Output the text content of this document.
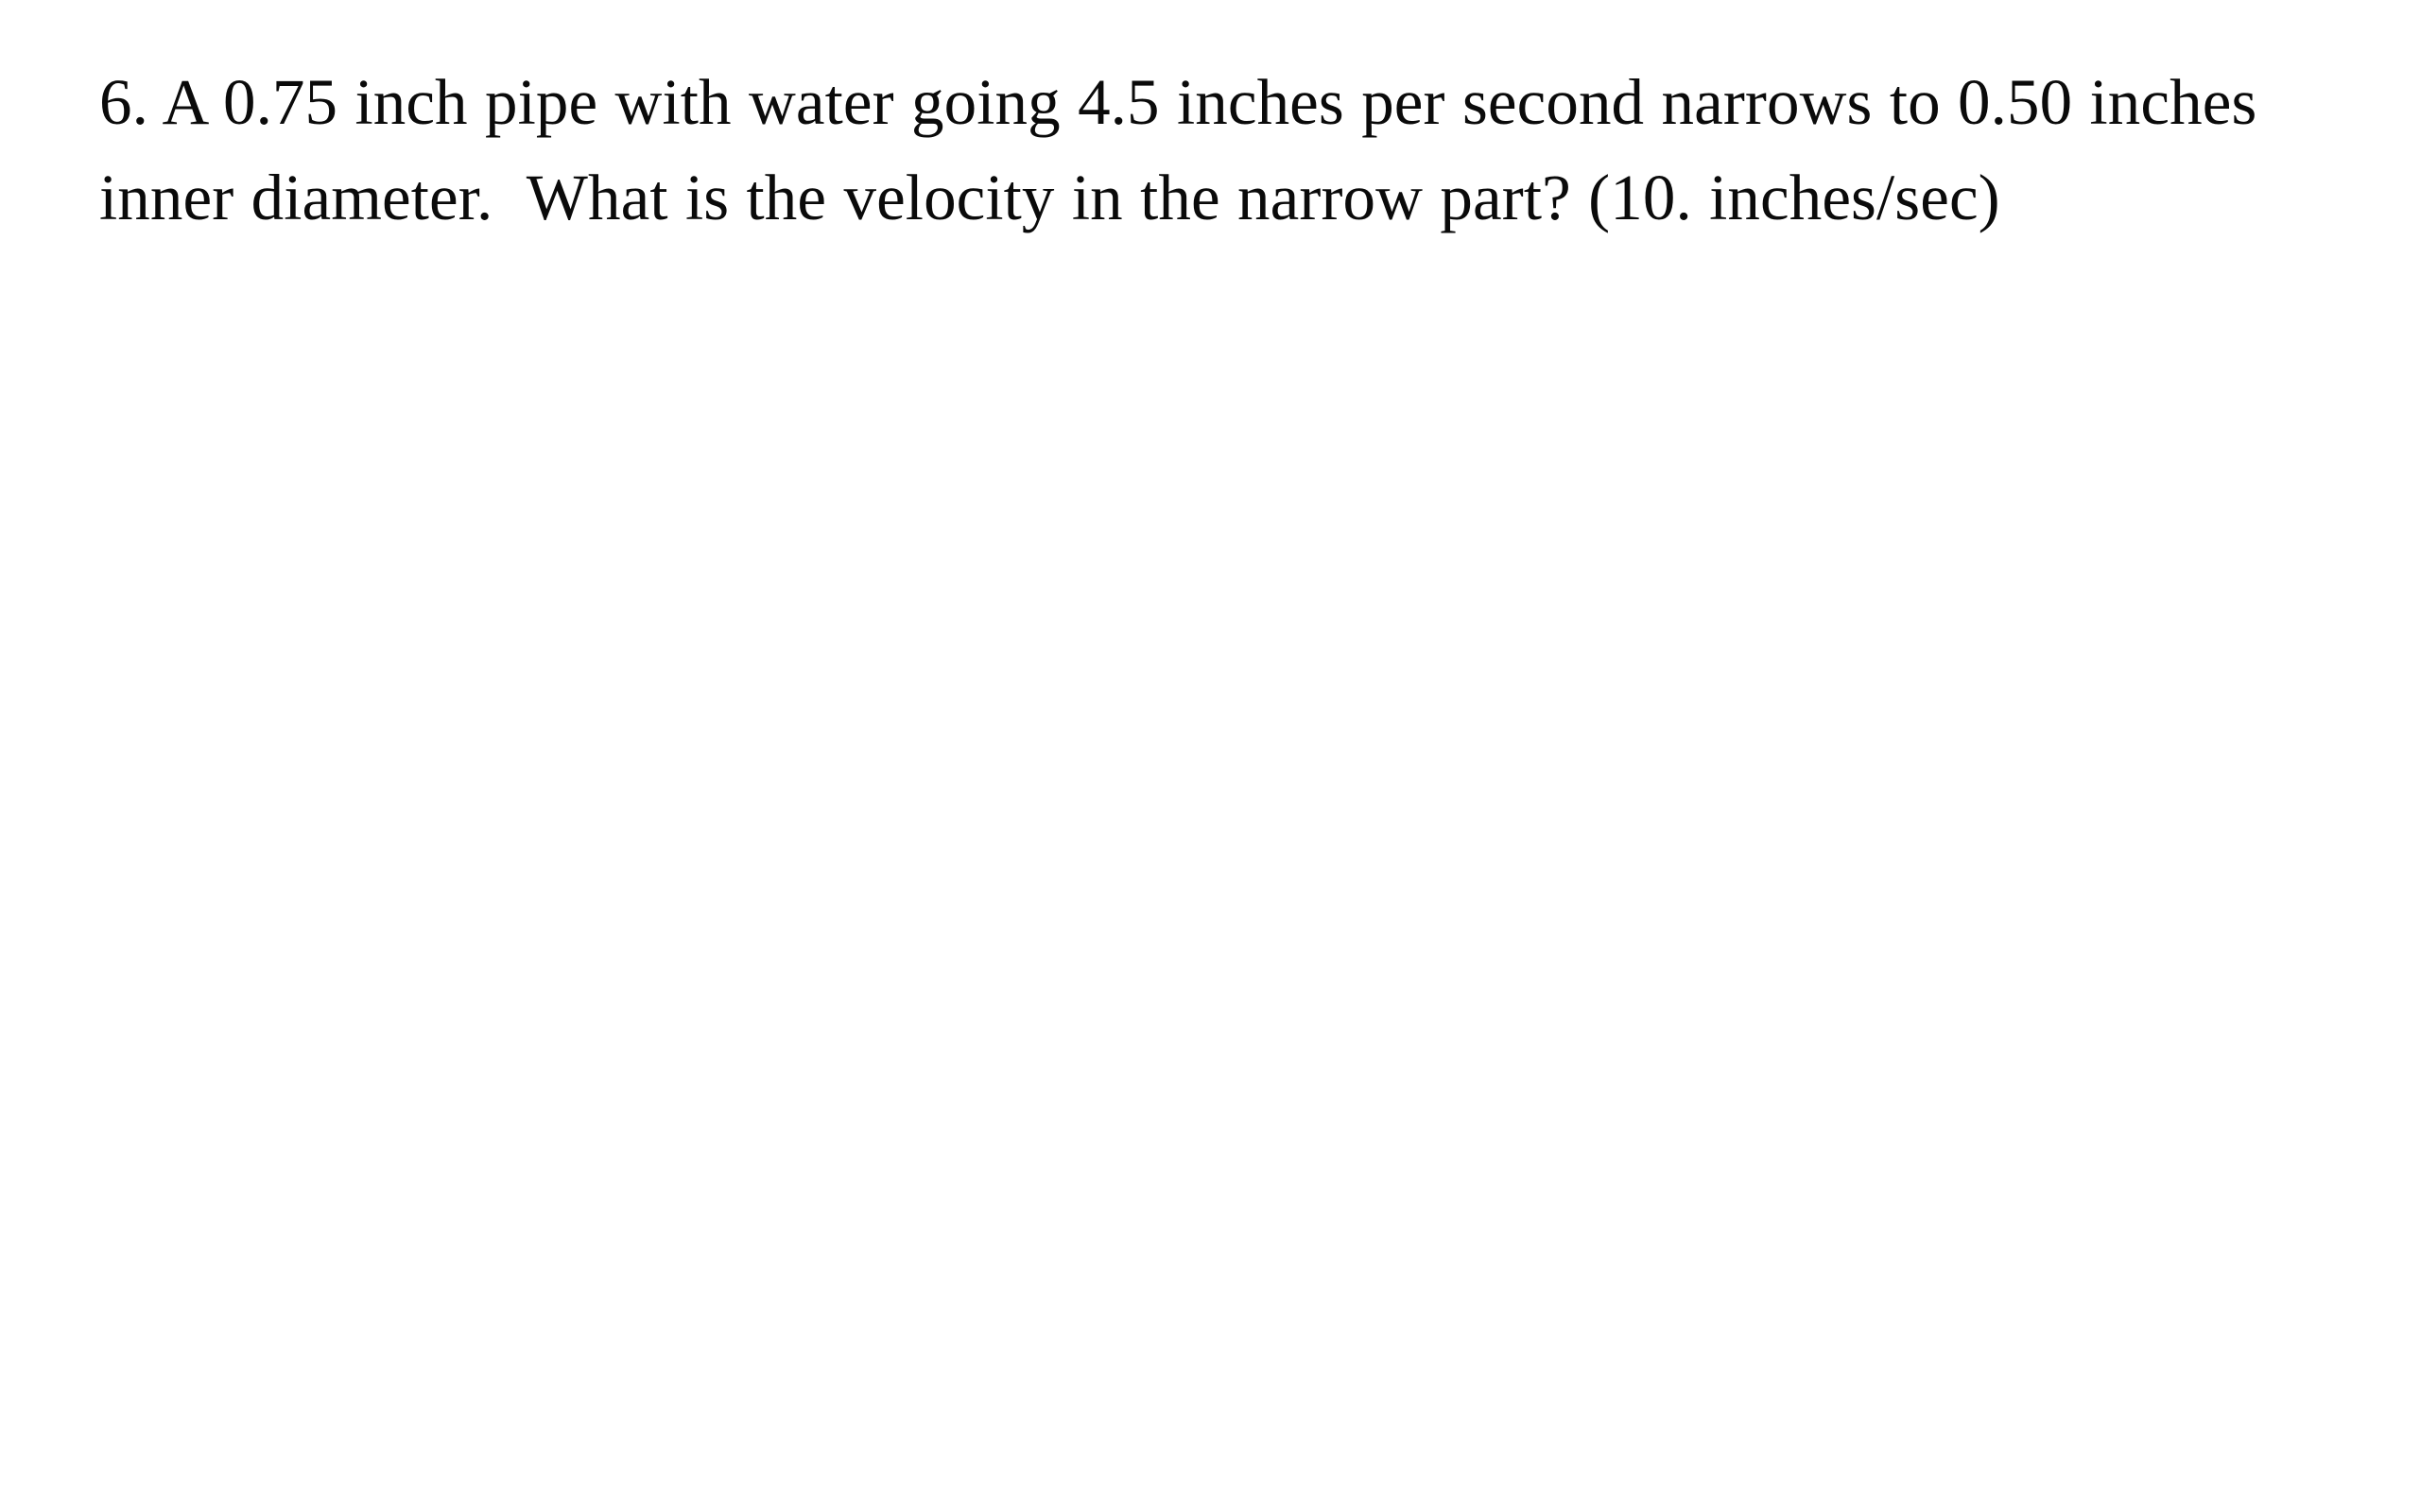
6. A 0.75 inch pipe with water going 4.5 inches per second narrows to 0.50 inches inner diameter.  What is the velocity in the narrow part? (10. inches/sec)
